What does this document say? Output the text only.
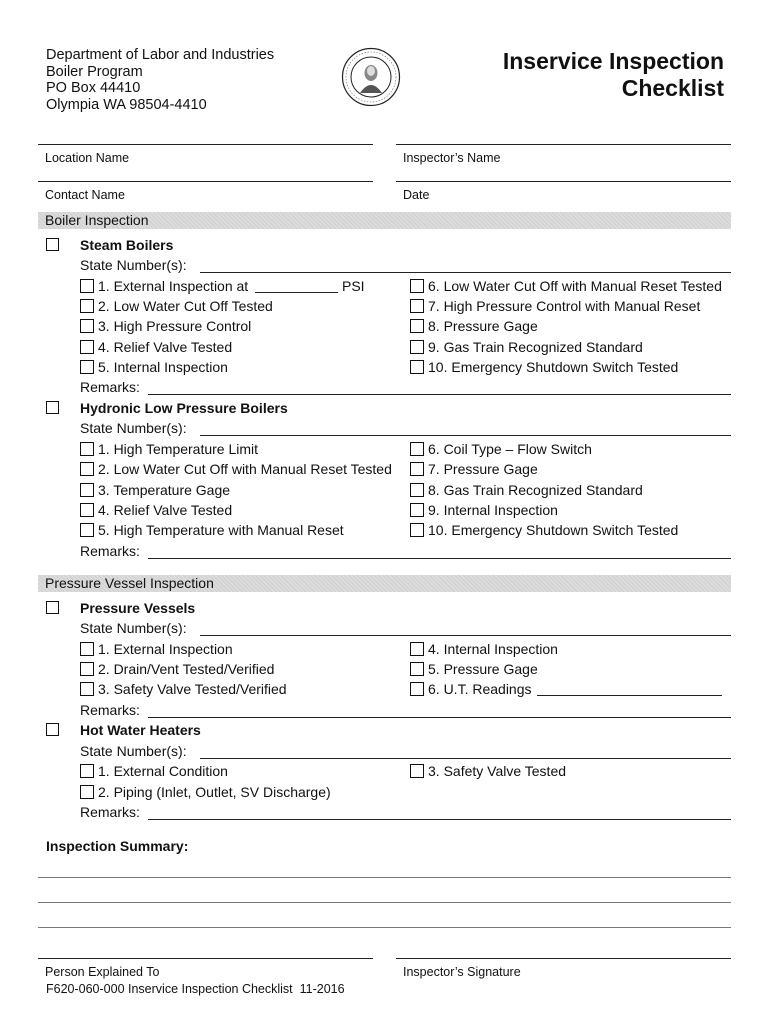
Department of Labor and Industries
Boiler Program
PO Box 44410
Olympia WA 98504-4410
Inservice Inspection
Checklist
Location Name	Inspector’s Name
Contact Name	Date
Boiler Inspection
Steam Boilers
State Number(s):
1. External Inspection at	PSI
2. Low Water Cut Off Tested
3. High Pressure Control
4. Relief Valve Tested
5. Internal Inspection
6. Low Water Cut Off with Manual Reset Tested
7. High Pressure Control with Manual Reset
8. Pressure Gage
9. Gas Train Recognized Standard
10. Emergency Shutdown Switch Tested
Remarks:
Hydronic Low Pressure Boilers
State Number(s):
1. High Temperature Limit
2. Low Water Cut Off with Manual Reset Tested
3. Temperature Gage
4. Relief Valve Tested
5. High Temperature with Manual Reset
6. Coil Type – Flow Switch
7. Pressure Gage
8. Gas Train Recognized Standard
9. Internal Inspection
10. Emergency Shutdown Switch Tested
Remarks:
Pressure Vessel Inspection
Pressure Vessels
State Number(s):
1. External Inspection
2. Drain/Vent Tested/Verified
3. Safety Valve Tested/Verified
4. Internal Inspection
5. Pressure Gage
6. U.T. Readings
Remarks:
Hot Water Heaters
State Number(s):
1. External Condition
2. Piping (Inlet, Outlet, SV Discharge)
3. Safety Valve Tested
Remarks:
Inspection Summary:
Person Explained To	Inspector’s Signature
F620-060-000 Inservice Inspection Checklist  11-2016
